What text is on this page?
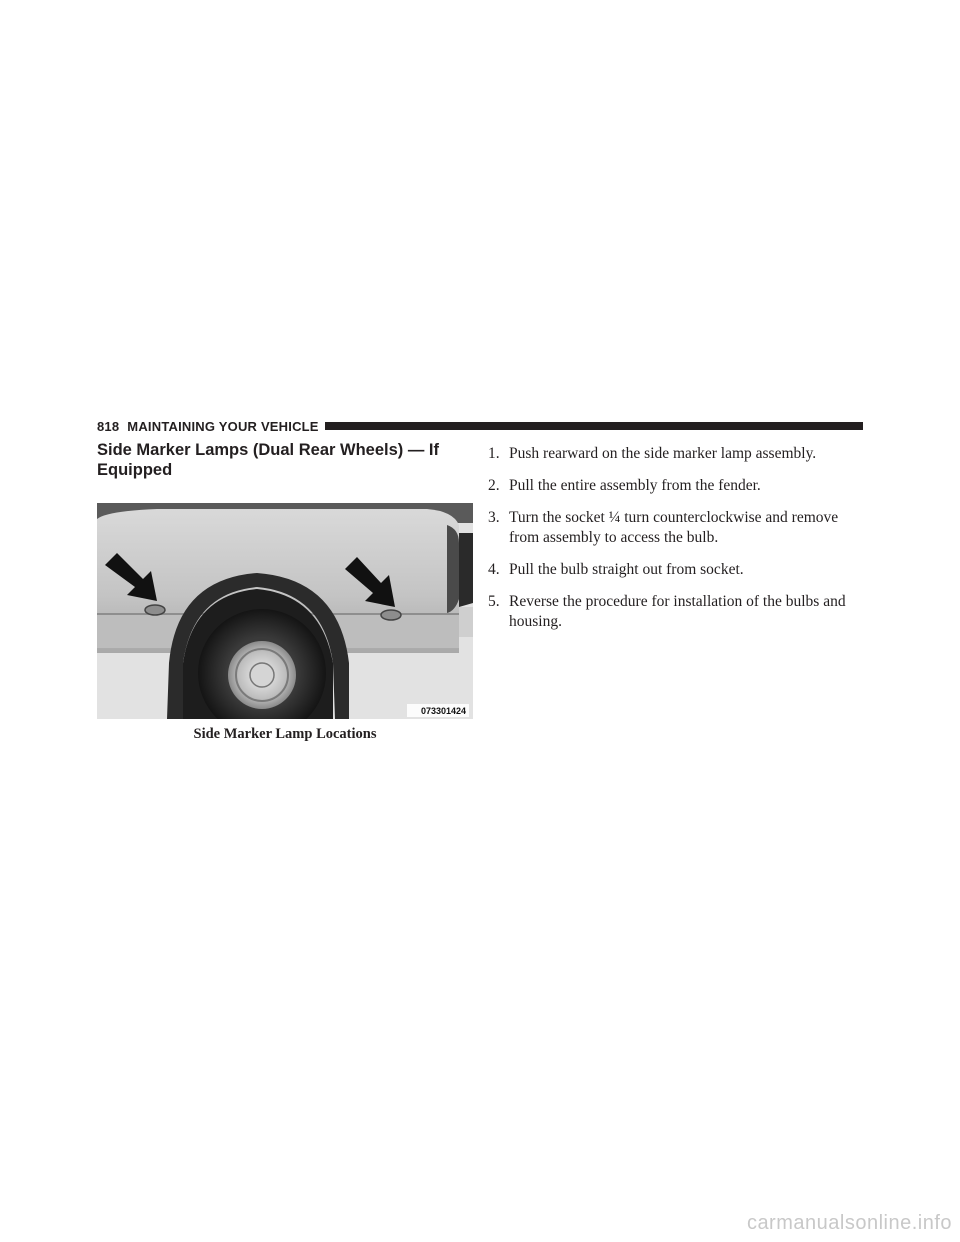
818 MAINTAINING YOUR VEHICLE
Side Marker Lamps (Dual Rear Wheels) — If Equipped
073301424
Side Marker Lamp Locations
1. Push rearward on the side marker lamp assembly.
2. Pull the entire assembly from the fender.
3. Turn the socket ¼ turn counterclockwise and remove from assembly to access the bulb.
4. Pull the bulb straight out from socket.
5. Reverse the procedure for installation of the bulbs and housing.
carmanualsonline.info
